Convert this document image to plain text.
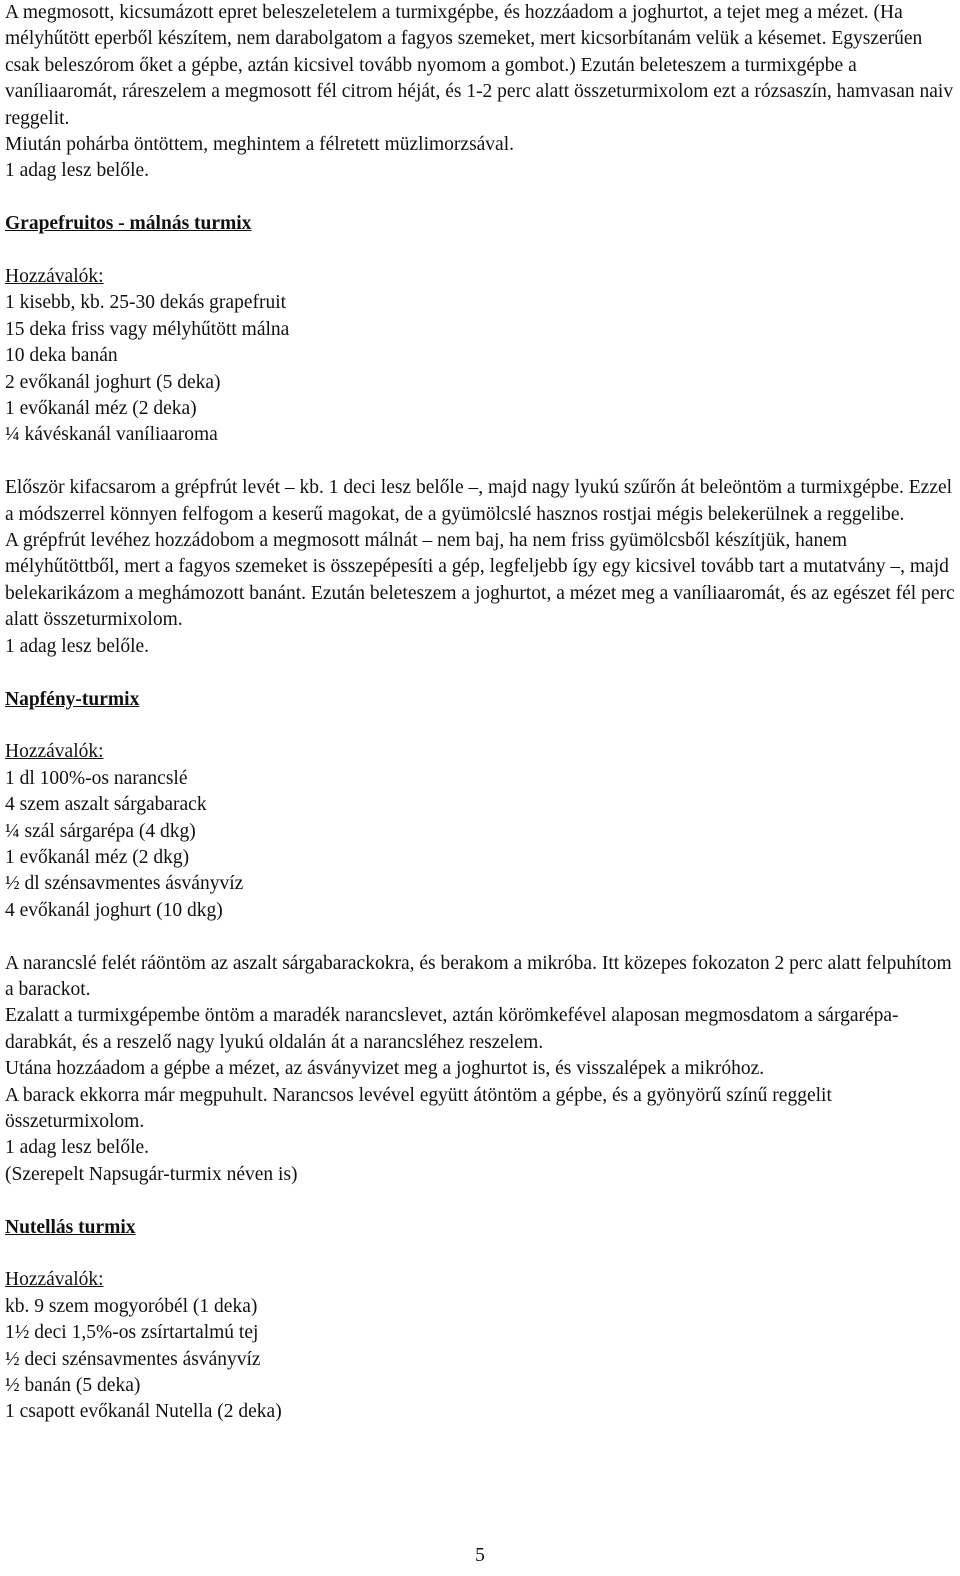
A megmosott, kicsumázott epret beleszeletelem a turmixgépbe, és hozzáadom a joghurtot, a tejet meg a mézet. (Ha mélyhűtött eperből készítem, nem darabolgatom a fagyos szemeket, mert kicsorbítanám velük a késemet. Egyszerűen csak beleszórom őket a gépbe, aztán kicsivel tovább nyomom a gombot.) Ezután beleteszem a turmixgépbe a vaníliaaromát, ráreszelem a megmosott fél citrom héját, és 1-2 perc alatt összeturmixolom ezt a rózsaszín, hamvasan naiv reggelit.

Miután pohárba öntöttem, meghintem a félretett müzlimorzsával.

1 adag lesz belőle.

Grapefruitos - málnás turmix
Hozzávalók:
1 kisebb, kb. 25-30 dekás grapefruit
15 deka friss vagy mélyhűtött málna
10 deka banán
2 evőkanál joghurt (5 deka)
1 evőkanál méz (2 deka)
¼ kávéskanál vaníliaaroma

Először kifacsarom a grépfrút levét – kb. 1 deci lesz belőle –, majd nagy lyukú szűrőn át beleöntöm a turmixgépbe. Ezzel a módszerrel könnyen felfogom a keserű magokat, de a gyümölcslé hasznos rostjai mégis belekerülnek a reggelibe.

A grépfrút levéhez hozzádobom a megmosott málnát – nem baj, ha nem friss gyümölcsből készítjük, hanem mélyhűtöttből, mert a fagyos szemeket is összepépesíti a gép, legfeljebb így egy kicsivel tovább tart a mutatvány –, majd belekarikázom a meghámozott banánt. Ezután beleteszem a joghurtot, a mézet meg a vaníliaaromát, és az egészet fél perc alatt összeturmixolom.

1 adag lesz belőle.

Napfény-turmix
Hozzávalók:
1 dl 100%-os narancslé
4 szem aszalt sárgabarack
¼ szál sárgarépa (4 dkg)
1 evőkanál méz (2 dkg)
½ dl szénsavmentes ásványvíz
4 evőkanál joghurt (10 dkg)

A narancslé felét ráöntöm az aszalt sárgabarackokra, és berakom a mikróba. Itt közepes fokozaton 2 perc alatt felpuhítom a barackot.

Ezalatt a turmixgépembe öntöm a maradék narancslevet, aztán körömkefével alaposan megmosdatom a sárgarépa-darabkát, és a reszelő nagy lyukú oldalán át a narancsléhez reszelem.

Utána hozzáadom a gépbe a mézet, az ásványvizet meg a joghurtot is, és visszalépek a mikróhoz.

A barack ekkorra már megpuhult. Narancsos levével együtt átöntöm a gépbe, és a gyönyörű színű reggelit összeturmixolom.

1 adag lesz belőle.

(Szerepelt Napsugár-turmix néven is)

Nutellás turmix
Hozzávalók:
kb. 9 szem mogyoróbél (1 deka)
1½ deci 1,5%-os zsírtartalmú tej
½ deci szénsavmentes ásványvíz
½ banán (5 deka)
1 csapott evőkanál Nutella (2 deka)
5
